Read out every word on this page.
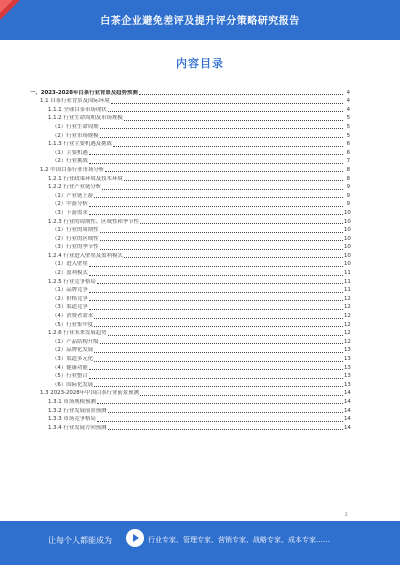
白茶企业避免差评及提升评分策略研究报告
内容目录
一、2023-2028年白茶行业背景及趋势预测	4
1.1 白茶行业背景及国际环境	4
1.1.1 全球白茶市场现状	4
1.1.2 行业生命周期及市场规模	5
（1）行业生命周期	5
（2）行业市场规模	5
1.1.3 行业主要机遇及挑战	6
（1）主要机遇	6
（2）行业挑战	7
1.2 中国白茶行业市场分析	8
1.2.1 行业政策环境及技术环境	8
1.2.2 行业产业链分析	9
（1）产业链上游	9
（2）中游分析	9
（3）下游需求	10
1.2.3 行业的周期性、区域性和季节性	10
（1）行业的周期性	10
（2）行业的区域性	10
（3）行业的季节性	10
1.2.4 行业进入壁垒及盈利模式	10
（1）进入壁垒	10
（2）盈利模式	11
1.2.5 行业竞争格局	11
（1）品牌竞争	11
（2）价格竞争	12
（3）渠道竞争	12
（4）消费者需求	12
（5）行业集中度	12
1.2.6 行业未来发展趋势	12
（1）产品结构升级	12
（2）品牌化发展	13
（3）渠道多元化	13
（4）健康功能	13
（5）行业整合	13
（6）国际化发展	13
1.3 2023-2028年中国白茶行业前景预测	14
1.3.1 市场规模预测	14
1.3.2 行业发展前景预测	14
1.3.3 市场竞争格局	14
1.3.4 行业发展方向预测	14
2
让每个人都能成为	行业专家、管理专家、营销专家、战略专家、成本专家……
